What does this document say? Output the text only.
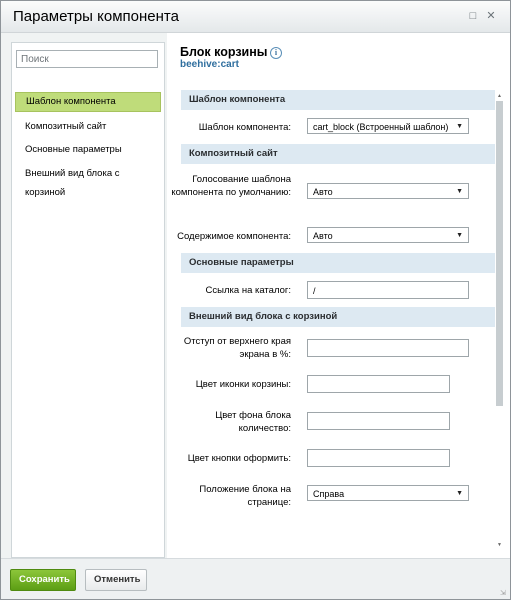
Параметры компонента	□ ✕
Поиск
Шаблон компонента
Композитный сайт
Основные параметры
Внешний вид блока с корзиной
Блок корзины i
beehive:cart
Шаблон компонента
Шаблон компонента:	cart_block (Встроенный шаблон) ▼
Композитный сайт
Голосование шаблона компонента по умолчанию:	Авто	▼
Содержимое компонента:	Авто	▼
Основные параметры
Ссылка на каталог:	/
Внешний вид блока с корзиной
Отступ от верхнего края экрана в %:
Цвет иконки корзины:
Цвет фона блока количество:
Цвет кнопки оформить:
Положение блока на странице:
Справа	▼
▲
▼
Сохранить	Отменить
⇲
